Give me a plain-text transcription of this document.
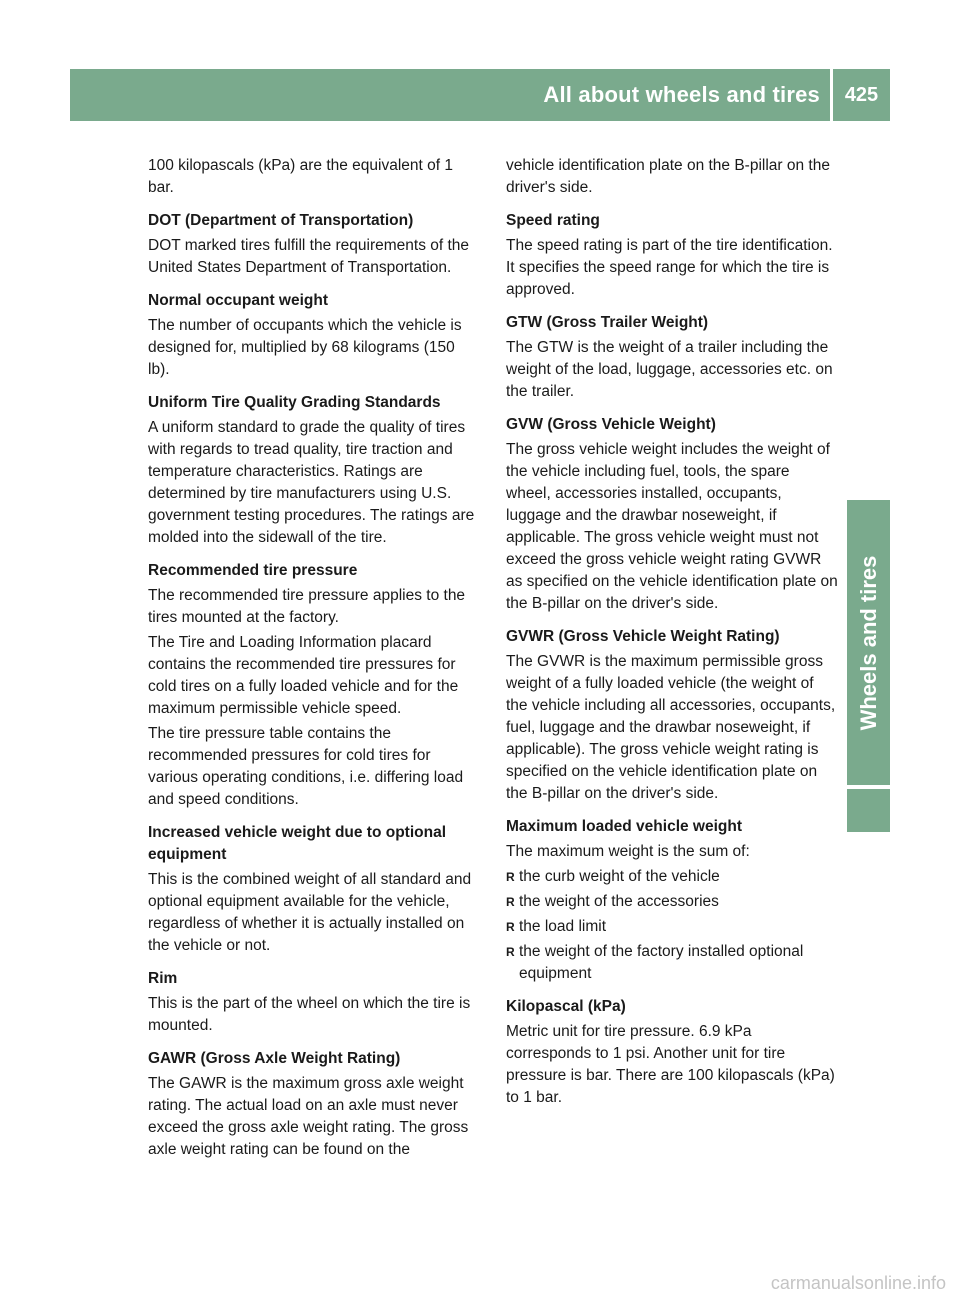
All about wheels and tires	425
Wheels and tires

100 kilopascals (kPa) are the equivalent of 1 bar.

DOT (Department of Transportation)

DOT marked tires fulfill the requirements of the United States Department of Transportation.

Normal occupant weight

The number of occupants which the vehicle is designed for, multiplied by 68 kilograms (150 lb).

Uniform Tire Quality Grading Standards

A uniform standard to grade the quality of tires with regards to tread quality, tire traction and temperature characteristics. Ratings are determined by tire manufacturers using U.S. government testing procedures. The ratings are molded into the sidewall of the tire.

Recommended tire pressure

The recommended tire pressure applies to the tires mounted at the factory.

The Tire and Loading Information placard contains the recommended tire pressures for cold tires on a fully loaded vehicle and for the maximum permissible vehicle speed.

The tire pressure table contains the recommended pressures for cold tires for various operating conditions, i.e. differing load and speed conditions.

Increased vehicle weight due to optional equipment

This is the combined weight of all standard and optional equipment available for the vehicle, regardless of whether it is actually installed on the vehicle or not.

Rim

This is the part of the wheel on which the tire is mounted.

GAWR (Gross Axle Weight Rating)

The GAWR is the maximum gross axle weight rating. The actual load on an axle must never exceed the gross axle weight rating. The gross axle weight rating can be found on the

vehicle identification plate on the B-pillar on the driver's side.

Speed rating

The speed rating is part of the tire identification. It specifies the speed range for which the tire is approved.

GTW (Gross Trailer Weight)

The GTW is the weight of a trailer including the weight of the load, luggage, accessories etc. on the trailer.

GVW (Gross Vehicle Weight)

The gross vehicle weight includes the weight of the vehicle including fuel, tools, the spare wheel, accessories installed, occupants, luggage and the drawbar noseweight, if applicable. The gross vehicle weight must not exceed the gross vehicle weight rating GVWR as specified on the vehicle identification plate on the B-pillar on the driver's side.

GVWR (Gross Vehicle Weight Rating)

The GVWR is the maximum permissible gross weight of a fully loaded vehicle (the weight of the vehicle including all accessories, occupants, fuel, luggage and the drawbar noseweight, if applicable). The gross vehicle weight rating is specified on the vehicle identification plate on the B-pillar on the driver's side.

Maximum loaded vehicle weight

The maximum weight is the sum of:

R the curb weight of the vehicle
R the weight of the accessories
R the load limit
R the weight of the factory installed optional equipment
Kilopascal (kPa)

Metric unit for tire pressure. 6.9 kPa corresponds to 1 psi. Another unit for tire pressure is bar. There are 100 kilopascals (kPa) to 1 bar.

carmanualsonline.info
